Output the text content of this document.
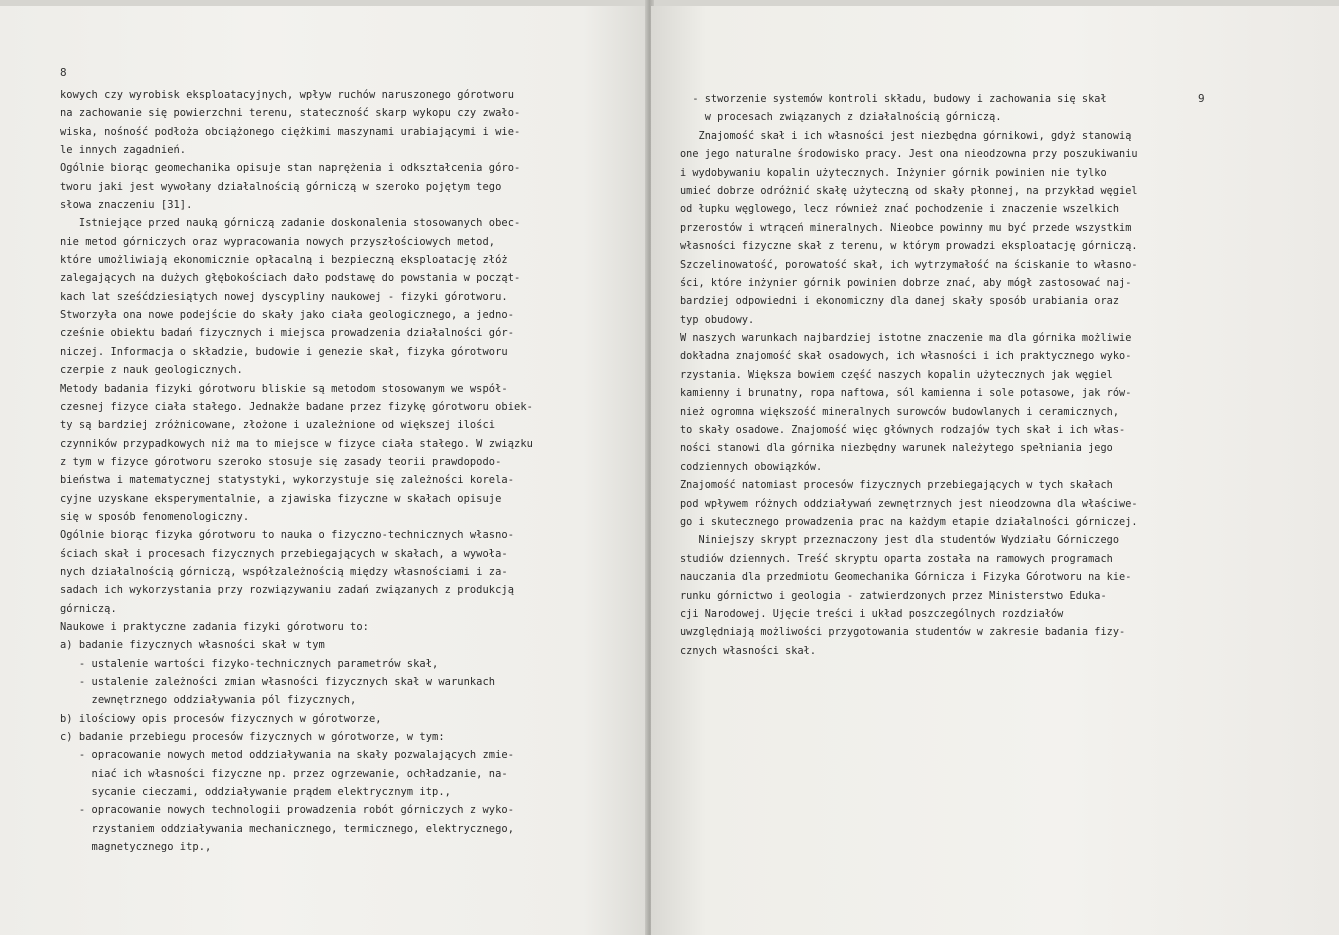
8
9
kowych czy wyrobisk eksploatacyjnych, wpływ ruchów naruszonego górotworu
na zachowanie się powierzchni terenu, stateczność skarp wykopu czy zwało-
wiska, nośność podłoża obciążonego ciężkimi maszynami urabiającymi i wie-
le innych zagadnień.
Ogólnie biorąc geomechanika opisuje stan naprężenia i odkształcenia góro-
tworu jaki jest wywołany działalnością górniczą w szeroko pojętym tego
słowa znaczeniu [31].
Istniejące przed nauką górniczą zadanie doskonalenia stosowanych obec-
nie metod górniczych oraz wypracowania nowych przyszłościowych metod,
które umożliwiają ekonomicznie opłacalną i bezpieczną eksploatację złóż
zalegających na dużych głębokościach dało podstawę do powstania w począt-
kach lat sześćdziesiątych nowej dyscypliny naukowej - fizyki górotworu.
Stworzyła ona nowe podejście do skały jako ciała geologicznego, a jedno-
cześnie obiektu badań fizycznych i miejsca prowadzenia działalności gór-
niczej. Informacja o składzie, budowie i genezie skał, fizyka górotworu
czerpie z nauk geologicznych.
Metody badania fizyki górotworu bliskie są metodom stosowanym we współ-
czesnej fizyce ciała stałego. Jednakże badane przez fizykę górotworu obiek-
ty są bardziej zróżnicowane, złożone i uzależnione od większej ilości
czynników przypadkowych niż ma to miejsce w fizyce ciała stałego. W związku
z tym w fizyce górotworu szeroko stosuje się zasady teorii prawdopodo-
bieństwa i matematycznej statystyki, wykorzystuje się zależności korela-
cyjne uzyskane eksperymentalnie, a zjawiska fizyczne w skałach opisuje
się w sposób fenomenologiczny.
Ogólnie biorąc fizyka górotworu to nauka o fizyczno-technicznych własno-
ściach skał i procesach fizycznych przebiegających w skałach, a wywoła-
nych działalnością górniczą, współzależnością między własnościami i za-
sadach ich wykorzystania przy rozwiązywaniu zadań związanych z produkcją
górniczą.
Naukowe i praktyczne zadania fizyki górotworu to:
a) badanie fizycznych własności skał w tym
- ustalenie wartości fizyko-technicznych parametrów skał,
- ustalenie zależności zmian własności fizycznych skał w warunkach
zewnętrznego oddziaływania pól fizycznych,
b) ilościowy opis procesów fizycznych w górotworze,
c) badanie przebiegu procesów fizycznych w górotworze, w tym:
- opracowanie nowych metod oddziaływania na skały pozwalających zmie-
niać ich własności fizyczne np. przez ogrzewanie, ochładzanie, na-
sycanie cieczami, oddziaływanie prądem elektrycznym itp.,
- opracowanie nowych technologii prowadzenia robót górniczych z wyko-
rzystaniem oddziaływania mechanicznego, termicznego, elektrycznego,
magnetycznego itp.,
- stworzenie systemów kontroli składu, budowy i zachowania się skał
w procesach związanych z działalnością górniczą.
Znajomość skał i ich własności jest niezbędna górnikowi, gdyż stanowią
one jego naturalne środowisko pracy. Jest ona nieodzowna przy poszukiwaniu
i wydobywaniu kopalin użytecznych. Inżynier górnik powinien nie tylko
umieć dobrze odróżnić skałę użyteczną od skały płonnej, na przykład węgiel
od łupku węglowego, lecz również znać pochodzenie i znaczenie wszelkich
przerostów i wtrąceń mineralnych. Nieobce powinny mu być przede wszystkim
własności fizyczne skał z terenu, w którym prowadzi eksploatację górniczą.
Szczelinowatość, porowatość skał, ich wytrzymałość na ściskanie to własno-
ści, które inżynier górnik powinien dobrze znać, aby mógł zastosować naj-
bardziej odpowiedni i ekonomiczny dla danej skały sposób urabiania oraz
typ obudowy.
W naszych warunkach najbardziej istotne znaczenie ma dla górnika możliwie
dokładna znajomość skał osadowych, ich własności i ich praktycznego wyko-
rzystania. Większa bowiem część naszych kopalin użytecznych jak węgiel
kamienny i brunatny, ropa naftowa, sól kamienna i sole potasowe, jak rów-
nież ogromna większość mineralnych surowców budowlanych i ceramicznych,
to skały osadowe. Znajomość więc głównych rodzajów tych skał i ich włas-
ności stanowi dla górnika niezbędny warunek należytego spełniania jego
codziennych obowiązków.
Znajomość natomiast procesów fizycznych przebiegających w tych skałach
pod wpływem różnych oddziaływań zewnętrznych jest nieodzowna dla właściwe-
go i skutecznego prowadzenia prac na każdym etapie działalności górniczej.
Niniejszy skrypt przeznaczony jest dla studentów Wydziału Górniczego
studiów dziennych. Treść skryptu oparta została na ramowych programach
nauczania dla przedmiotu Geomechanika Górnicza i Fizyka Górotworu na kie-
runku górnictwo i geologia - zatwierdzonych przez Ministerstwo Eduka-
cji Narodowej. Ujęcie treści i układ poszczególnych rozdziałów
uwzględniają możliwości przygotowania studentów w zakresie badania fizy-
cznych własności skał.
